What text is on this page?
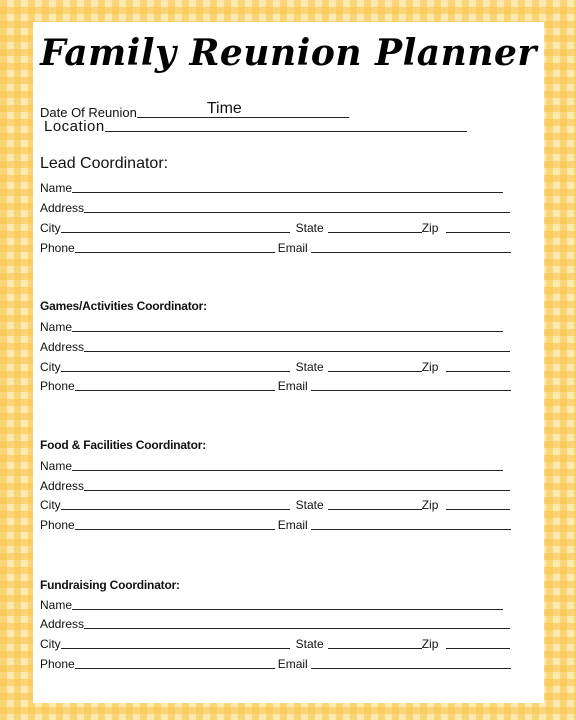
Family Reunion Planner
Date Of Reunion	Time
Location
Lead Coordinator:
Name
Address
City	State	Zip
Phone	Email
Games/Activities Coordinator:
Name
Address
City	State	Zip
Phone	Email
Food & Facilities Coordinator:
Name
Address
City	State	Zip
Phone	Email
Fundraising Coordinator:
Name
Address
City	State	Zip
Phone	Email
